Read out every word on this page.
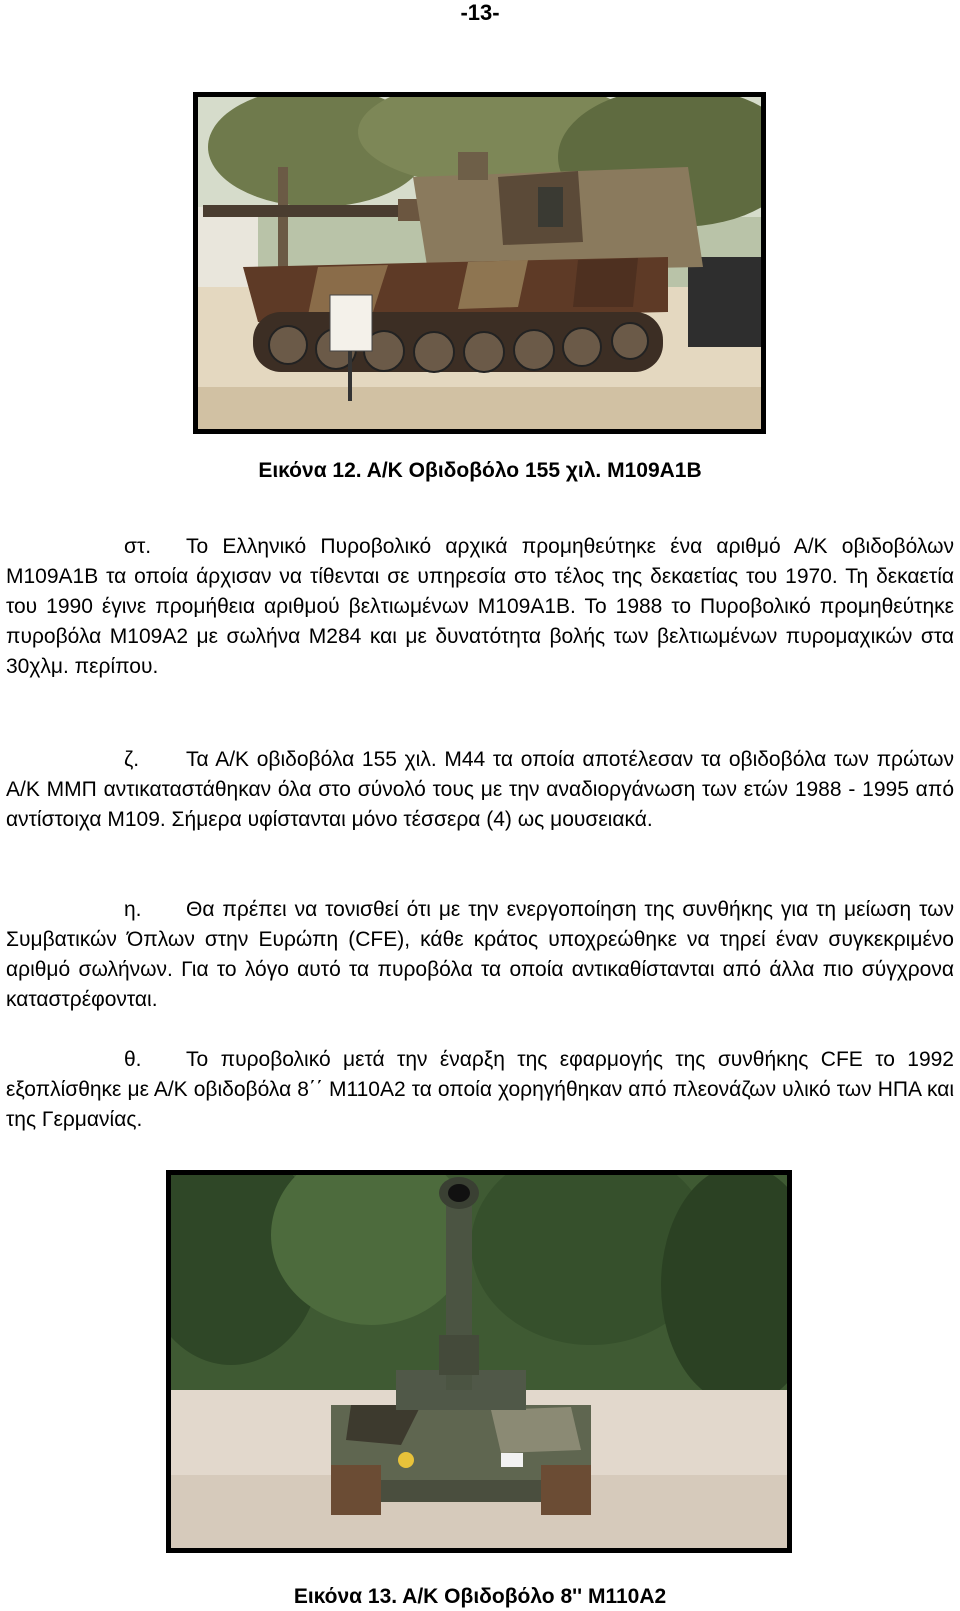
-13-
Εικόνα 12. Α/Κ Οβιδοβόλο 155 χιλ. Μ109Α1Β

στ. Το Ελληνικό Πυροβολικό αρχικά προμηθεύτηκε ένα αριθμό Α/Κ οβιδοβόλων Μ109Α1Β τα οποία άρχισαν να τίθενται σε υπηρεσία στο τέλος της δεκαετίας του 1970. Τη δεκαετία του 1990 έγινε προμήθεια αριθμού βελτιωμένων Μ109Α1Β. Το 1988 το Πυροβολικό προμηθεύτηκε πυροβόλα Μ109Α2 με σωλήνα Μ284 και με δυνατότητα βολής των βελτιωμένων πυρομαχικών στα 30χλμ. περίπου.

ζ. Τα Α/Κ οβιδοβόλα 155 χιλ. Μ44 τα οποία αποτέλεσαν τα οβιδοβόλα των πρώτων Α/Κ ΜΜΠ αντικαταστάθηκαν όλα στο σύνολό τους με την αναδιοργάνωση των ετών 1988 - 1995 από αντίστοιχα Μ109. Σήμερα υφίστανται μόνο τέσσερα (4) ως μουσειακά.

η. Θα πρέπει να τονισθεί ότι με την ενεργοποίηση της συνθήκης για τη μείωση των Συμβατικών Όπλων στην Ευρώπη (CFE), κάθε κράτος υποχρεώθηκε να τηρεί έναν συγκεκριμένο αριθμό σωλήνων. Για το λόγο αυτό τα πυροβόλα τα οποία αντικαθίστανται από άλλα πιο σύγχρονα καταστρέφονται.

θ. Το πυροβολικό μετά την έναρξη της εφαρμογής της συνθήκης CFE το 1992 εξοπλίσθηκε με Α/Κ οβιδοβόλα 8΄΄ Μ110Α2 τα οποία χορηγήθηκαν από πλεονάζων υλικό των ΗΠΑ και της Γερμανίας.

Εικόνα 13. Α/Κ Οβιδοβόλο 8'' Μ110Α2
